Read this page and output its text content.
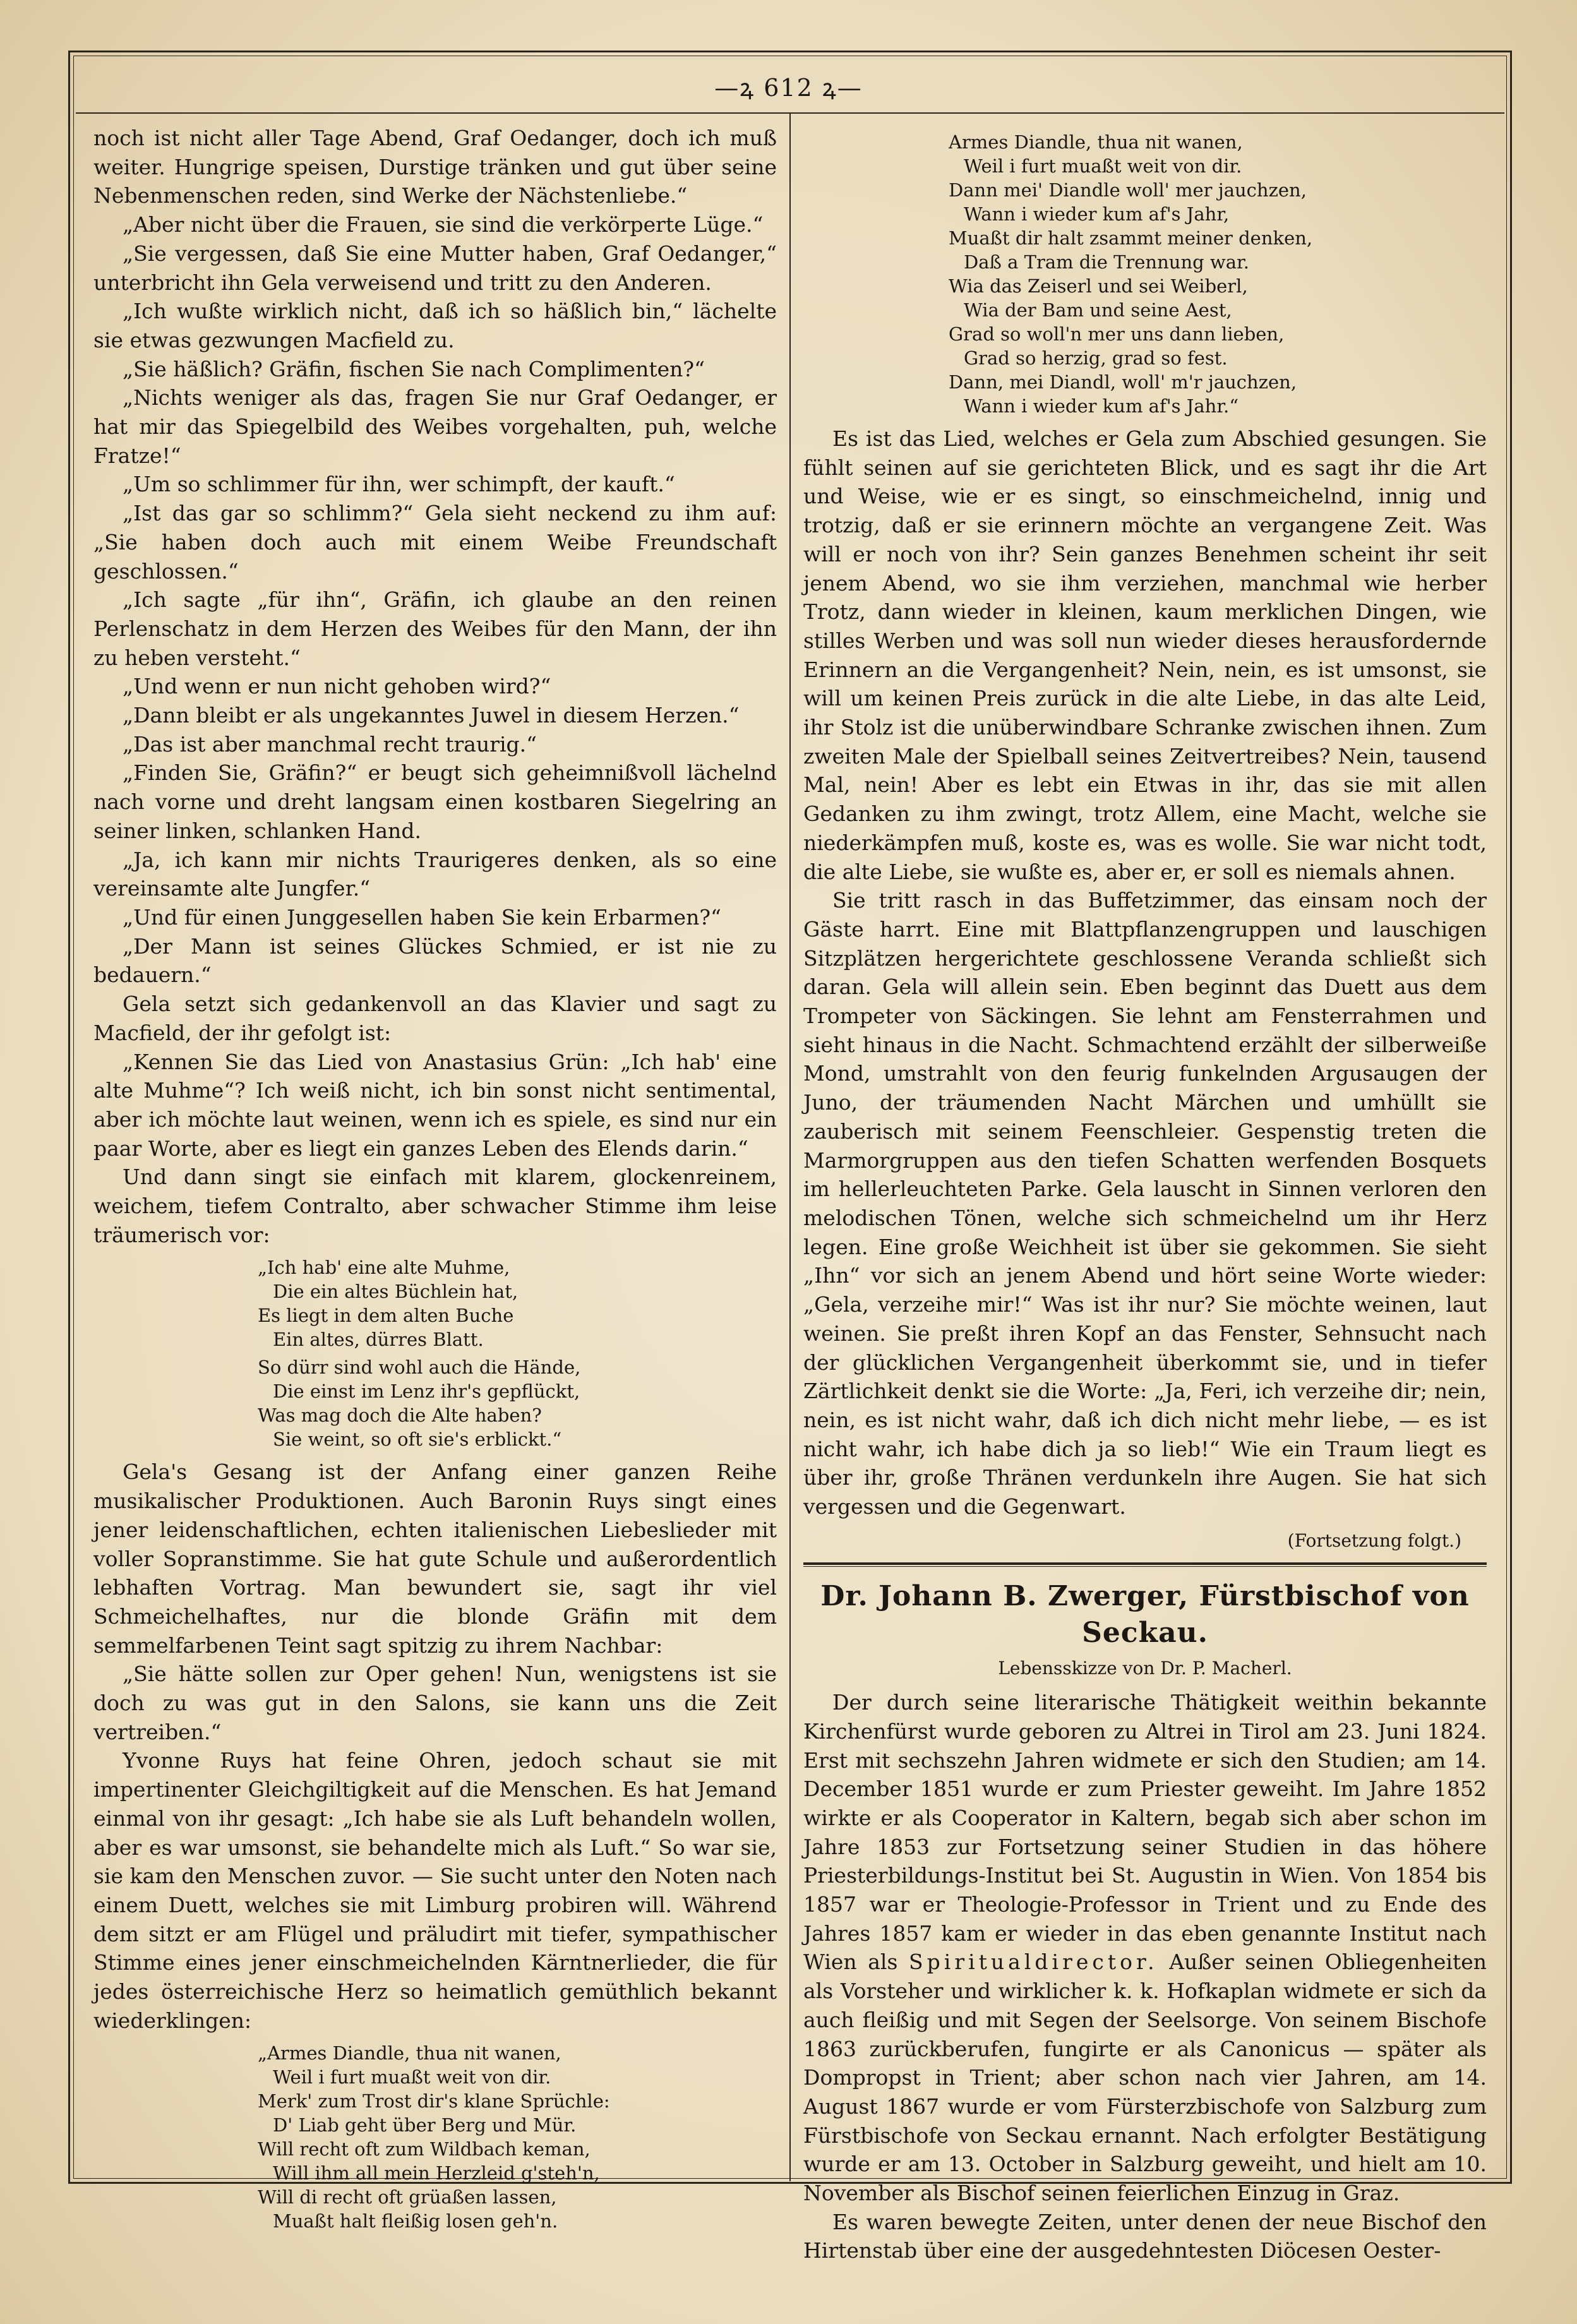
—ꝝ 612 ꝝ—

noch ist nicht aller Tage Abend, Graf Oedanger, doch ich muß weiter. Hungrige speisen, Durstige tränken und gut über seine Nebenmenschen reden, sind Werke der Nächstenliebe.“

„Aber nicht über die Frauen, sie sind die verkörperte Lüge.“

„Sie vergessen, daß Sie eine Mutter haben, Graf Oedanger,“ unterbricht ihn Gela verweisend und tritt zu den Anderen.

„Ich wußte wirklich nicht, daß ich so häßlich bin,“ lächelte sie etwas gezwungen Macfield zu.

„Sie häßlich? Gräfin, fischen Sie nach Complimenten?“

„Nichts weniger als das, fragen Sie nur Graf Oedanger, er hat mir das Spiegelbild des Weibes vorgehalten, puh, welche Fratze!“

„Um so schlimmer für ihn, wer schimpft, der kauft.“

„Ist das gar so schlimm?“ Gela sieht neckend zu ihm auf: „Sie haben doch auch mit einem Weibe Freundschaft geschlossen.“

„Ich sagte „für ihn“, Gräfin, ich glaube an den reinen Perlenschatz in dem Herzen des Weibes für den Mann, der ihn zu heben versteht.“

„Und wenn er nun nicht gehoben wird?“

„Dann bleibt er als ungekanntes Juwel in diesem Herzen.“

„Das ist aber manchmal recht traurig.“

„Finden Sie, Gräfin?“ er beugt sich geheimnißvoll lächelnd nach vorne und dreht langsam einen kostbaren Siegelring an seiner linken, schlanken Hand.

„Ja, ich kann mir nichts Traurigeres denken, als so eine vereinsamte alte Jungfer.“

„Und für einen Junggesellen haben Sie kein Erbarmen?“

„Der Mann ist seines Glückes Schmied, er ist nie zu bedauern.“

Gela setzt sich gedankenvoll an das Klavier und sagt zu Macfield, der ihr gefolgt ist:

„Kennen Sie das Lied von Anastasius Grün: „Ich hab' eine alte Muhme“? Ich weiß nicht, ich bin sonst nicht sentimental, aber ich möchte laut weinen, wenn ich es spiele, es sind nur ein paar Worte, aber es liegt ein ganzes Leben des Elends darin.“

Und dann singt sie einfach mit klarem, glockenreinem, weichem, tiefem Contralto, aber schwacher Stimme ihm leise träumerisch vor:

„Ich hab' eine alte Muhme,
Die ein altes Büchlein hat,
Es liegt in dem alten Buche
Ein altes, dürres Blatt.
So dürr sind wohl auch die Hände,
Die einst im Lenz ihr's gepflückt,
Was mag doch die Alte haben?
Sie weint, so oft sie's erblickt.“

Gela's Gesang ist der Anfang einer ganzen Reihe musikalischer Produktionen. Auch Baronin Ruys singt eines jener leidenschaftlichen, echten italienischen Liebeslieder mit voller Sopranstimme. Sie hat gute Schule und außerordentlich lebhaften Vortrag. Man bewundert sie, sagt ihr viel Schmeichelhaftes, nur die blonde Gräfin mit dem semmelfarbenen Teint sagt spitzig zu ihrem Nachbar:

„Sie hätte sollen zur Oper gehen! Nun, wenigstens ist sie doch zu was gut in den Salons, sie kann uns die Zeit vertreiben.“

Yvonne Ruys hat feine Ohren, jedoch schaut sie mit impertinenter Gleichgiltigkeit auf die Menschen. Es hat Jemand einmal von ihr gesagt: „Ich habe sie als Luft behandeln wollen, aber es war umsonst, sie behandelte mich als Luft.“ So war sie, sie kam den Menschen zuvor. — Sie sucht unter den Noten nach einem Duett, welches sie mit Limburg probiren will. Während dem sitzt er am Flügel und präludirt mit tiefer, sympathischer Stimme eines jener einschmeichelnden Kärntnerlieder, die für jedes österreichische Herz so heimatlich gemüthlich bekannt wiederklingen:

„Armes Diandle, thua nit wanen,
Weil i furt muaßt weit von dir.
Merk' zum Trost dir's klane Sprüchle:
D' Liab geht über Berg und Mür.
Will recht oft zum Wildbach keman,
Will ihm all mein Herzleid g'steh'n,
Will di recht oft grüaßen lassen,
Muaßt halt fleißig losen geh'n.
Armes Diandle, thua nit wanen,
Weil i furt muaßt weit von dir.
Dann mei' Diandle woll' mer jauchzen,
Wann i wieder kum af's Jahr,
Muaßt dir halt zsammt meiner denken,
Daß a Tram die Trennung war.
Wia das Zeiserl und sei Weiberl,
Wia der Bam und seine Aest,
Grad so woll'n mer uns dann lieben,
Grad so herzig, grad so fest.
Dann, mei Diandl, woll' m'r jauchzen,
Wann i wieder kum af's Jahr.“

Es ist das Lied, welches er Gela zum Abschied gesungen. Sie fühlt seinen auf sie gerichteten Blick, und es sagt ihr die Art und Weise, wie er es singt, so einschmeichelnd, innig und trotzig, daß er sie erinnern möchte an vergangene Zeit. Was will er noch von ihr? Sein ganzes Benehmen scheint ihr seit jenem Abend, wo sie ihm verziehen, manchmal wie herber Trotz, dann wieder in kleinen, kaum merklichen Dingen, wie stilles Werben und was soll nun wieder dieses herausfordernde Erinnern an die Vergangenheit? Nein, nein, es ist umsonst, sie will um keinen Preis zurück in die alte Liebe, in das alte Leid, ihr Stolz ist die unüberwindbare Schranke zwischen ihnen. Zum zweiten Male der Spielball seines Zeitvertreibes? Nein, tausend Mal, nein! Aber es lebt ein Etwas in ihr, das sie mit allen Gedanken zu ihm zwingt, trotz Allem, eine Macht, welche sie niederkämpfen muß, koste es, was es wolle. Sie war nicht todt, die alte Liebe, sie wußte es, aber er, er soll es niemals ahnen.

Sie tritt rasch in das Buffetzimmer, das einsam noch der Gäste harrt. Eine mit Blattpflanzengruppen und lauschigen Sitzplätzen hergerichtete geschlossene Veranda schließt sich daran. Gela will allein sein. Eben beginnt das Duett aus dem Trompeter von Säckingen. Sie lehnt am Fensterrahmen und sieht hinaus in die Nacht. Schmachtend erzählt der silberweiße Mond, umstrahlt von den feurig funkelnden Argusaugen der Juno, der träumenden Nacht Märchen und umhüllt sie zauberisch mit seinem Feenschleier. Gespenstig treten die Marmorgruppen aus den tiefen Schatten werfenden Bosquets im hellerleuchteten Parke. Gela lauscht in Sinnen verloren den melodischen Tönen, welche sich schmeichelnd um ihr Herz legen. Eine große Weichheit ist über sie gekommen. Sie sieht „Ihn“ vor sich an jenem Abend und hört seine Worte wieder: „Gela, verzeihe mir!“ Was ist ihr nur? Sie möchte weinen, laut weinen. Sie preßt ihren Kopf an das Fenster, Sehnsucht nach der glücklichen Vergangenheit überkommt sie, und in tiefer Zärtlichkeit denkt sie die Worte: „Ja, Feri, ich verzeihe dir; nein, nein, es ist nicht wahr, daß ich dich nicht mehr liebe, — es ist nicht wahr, ich habe dich ja so lieb!“ Wie ein Traum liegt es über ihr, große Thränen verdunkeln ihre Augen. Sie hat sich vergessen und die Gegenwart.

(Fortsetzung folgt.)
Dr. Johann B. Zwerger, Fürstbischof von Seckau.
Lebensskizze von Dr. P. Macherl.

Der durch seine literarische Thätigkeit weithin bekannte Kirchenfürst wurde geboren zu Altrei in Tirol am 23. Juni 1824. Erst mit sechszehn Jahren widmete er sich den Studien; am 14. December 1851 wurde er zum Priester geweiht. Im Jahre 1852 wirkte er als Cooperator in Kaltern, begab sich aber schon im Jahre 1853 zur Fortsetzung seiner Studien in das höhere Priesterbildungs-Institut bei St. Augustin in Wien. Von 1854 bis 1857 war er Theologie-Professor in Trient und zu Ende des Jahres 1857 kam er wieder in das eben genannte Institut nach Wien als Spiritualdirector. Außer seinen Obliegenheiten als Vorsteher und wirklicher k. k. Hofkaplan widmete er sich da auch fleißig und mit Segen der Seelsorge. Von seinem Bischofe 1863 zurückberufen, fungirte er als Canonicus — später als Dompropst in Trient; aber schon nach vier Jahren, am 14. August 1867 wurde er vom Fürsterzbischofe von Salzburg zum Fürstbischofe von Seckau ernannt. Nach erfolgter Bestätigung wurde er am 13. October in Salzburg geweiht, und hielt am 10. November als Bischof seinen feierlichen Einzug in Graz.

Es waren bewegte Zeiten, unter denen der neue Bischof den Hirtenstab über eine der ausgedehntesten Diöcesen Oester-
